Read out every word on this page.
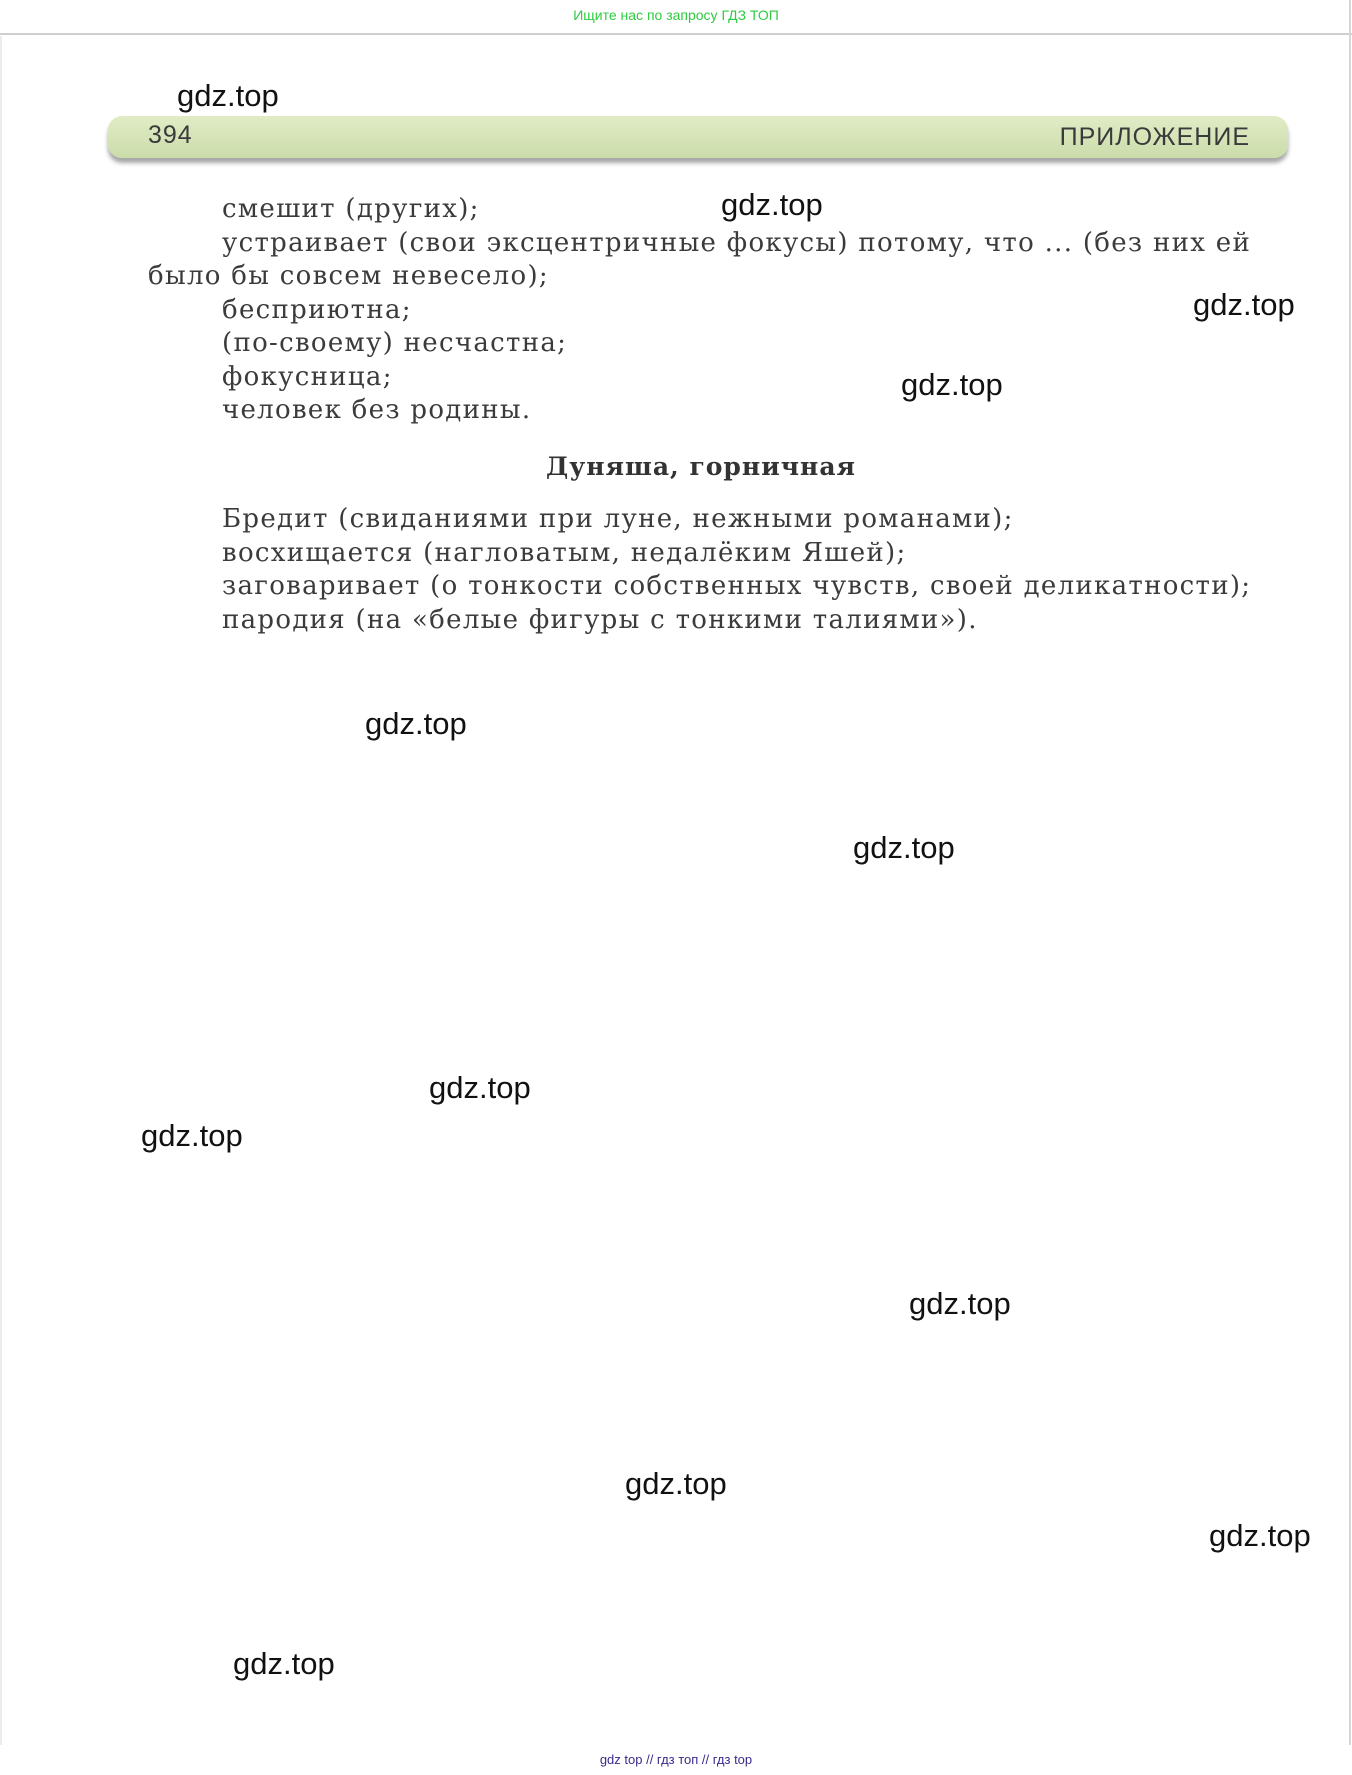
Ищите нас по запросу ГДЗ ТОП
394	ПРИЛОЖЕНИЕ
смешит (других);
устраивает (свои эксцентричные фокусы) потому, что ... (без них ей
было бы совсем невесело);
бесприютна;
(по-своему) несчастна;
фокусница;
человек без родины.
Дуняша, горничная
Бредит (свиданиями при луне, нежными романами);
восхищается (нагловатым, недалёким Яшей);
заговаривает (о тонкости собственных чувств, своей деликатности);
пародия (на «белые фигуры с тонкими талиями»).
gdz.top
gdz.top
gdz.top
gdz.top
gdz.top
gdz.top
gdz.top
gdz.top
gdz.top
gdz.top
gdz.top
gdz.top
gdz top // гдз топ // гдз top
